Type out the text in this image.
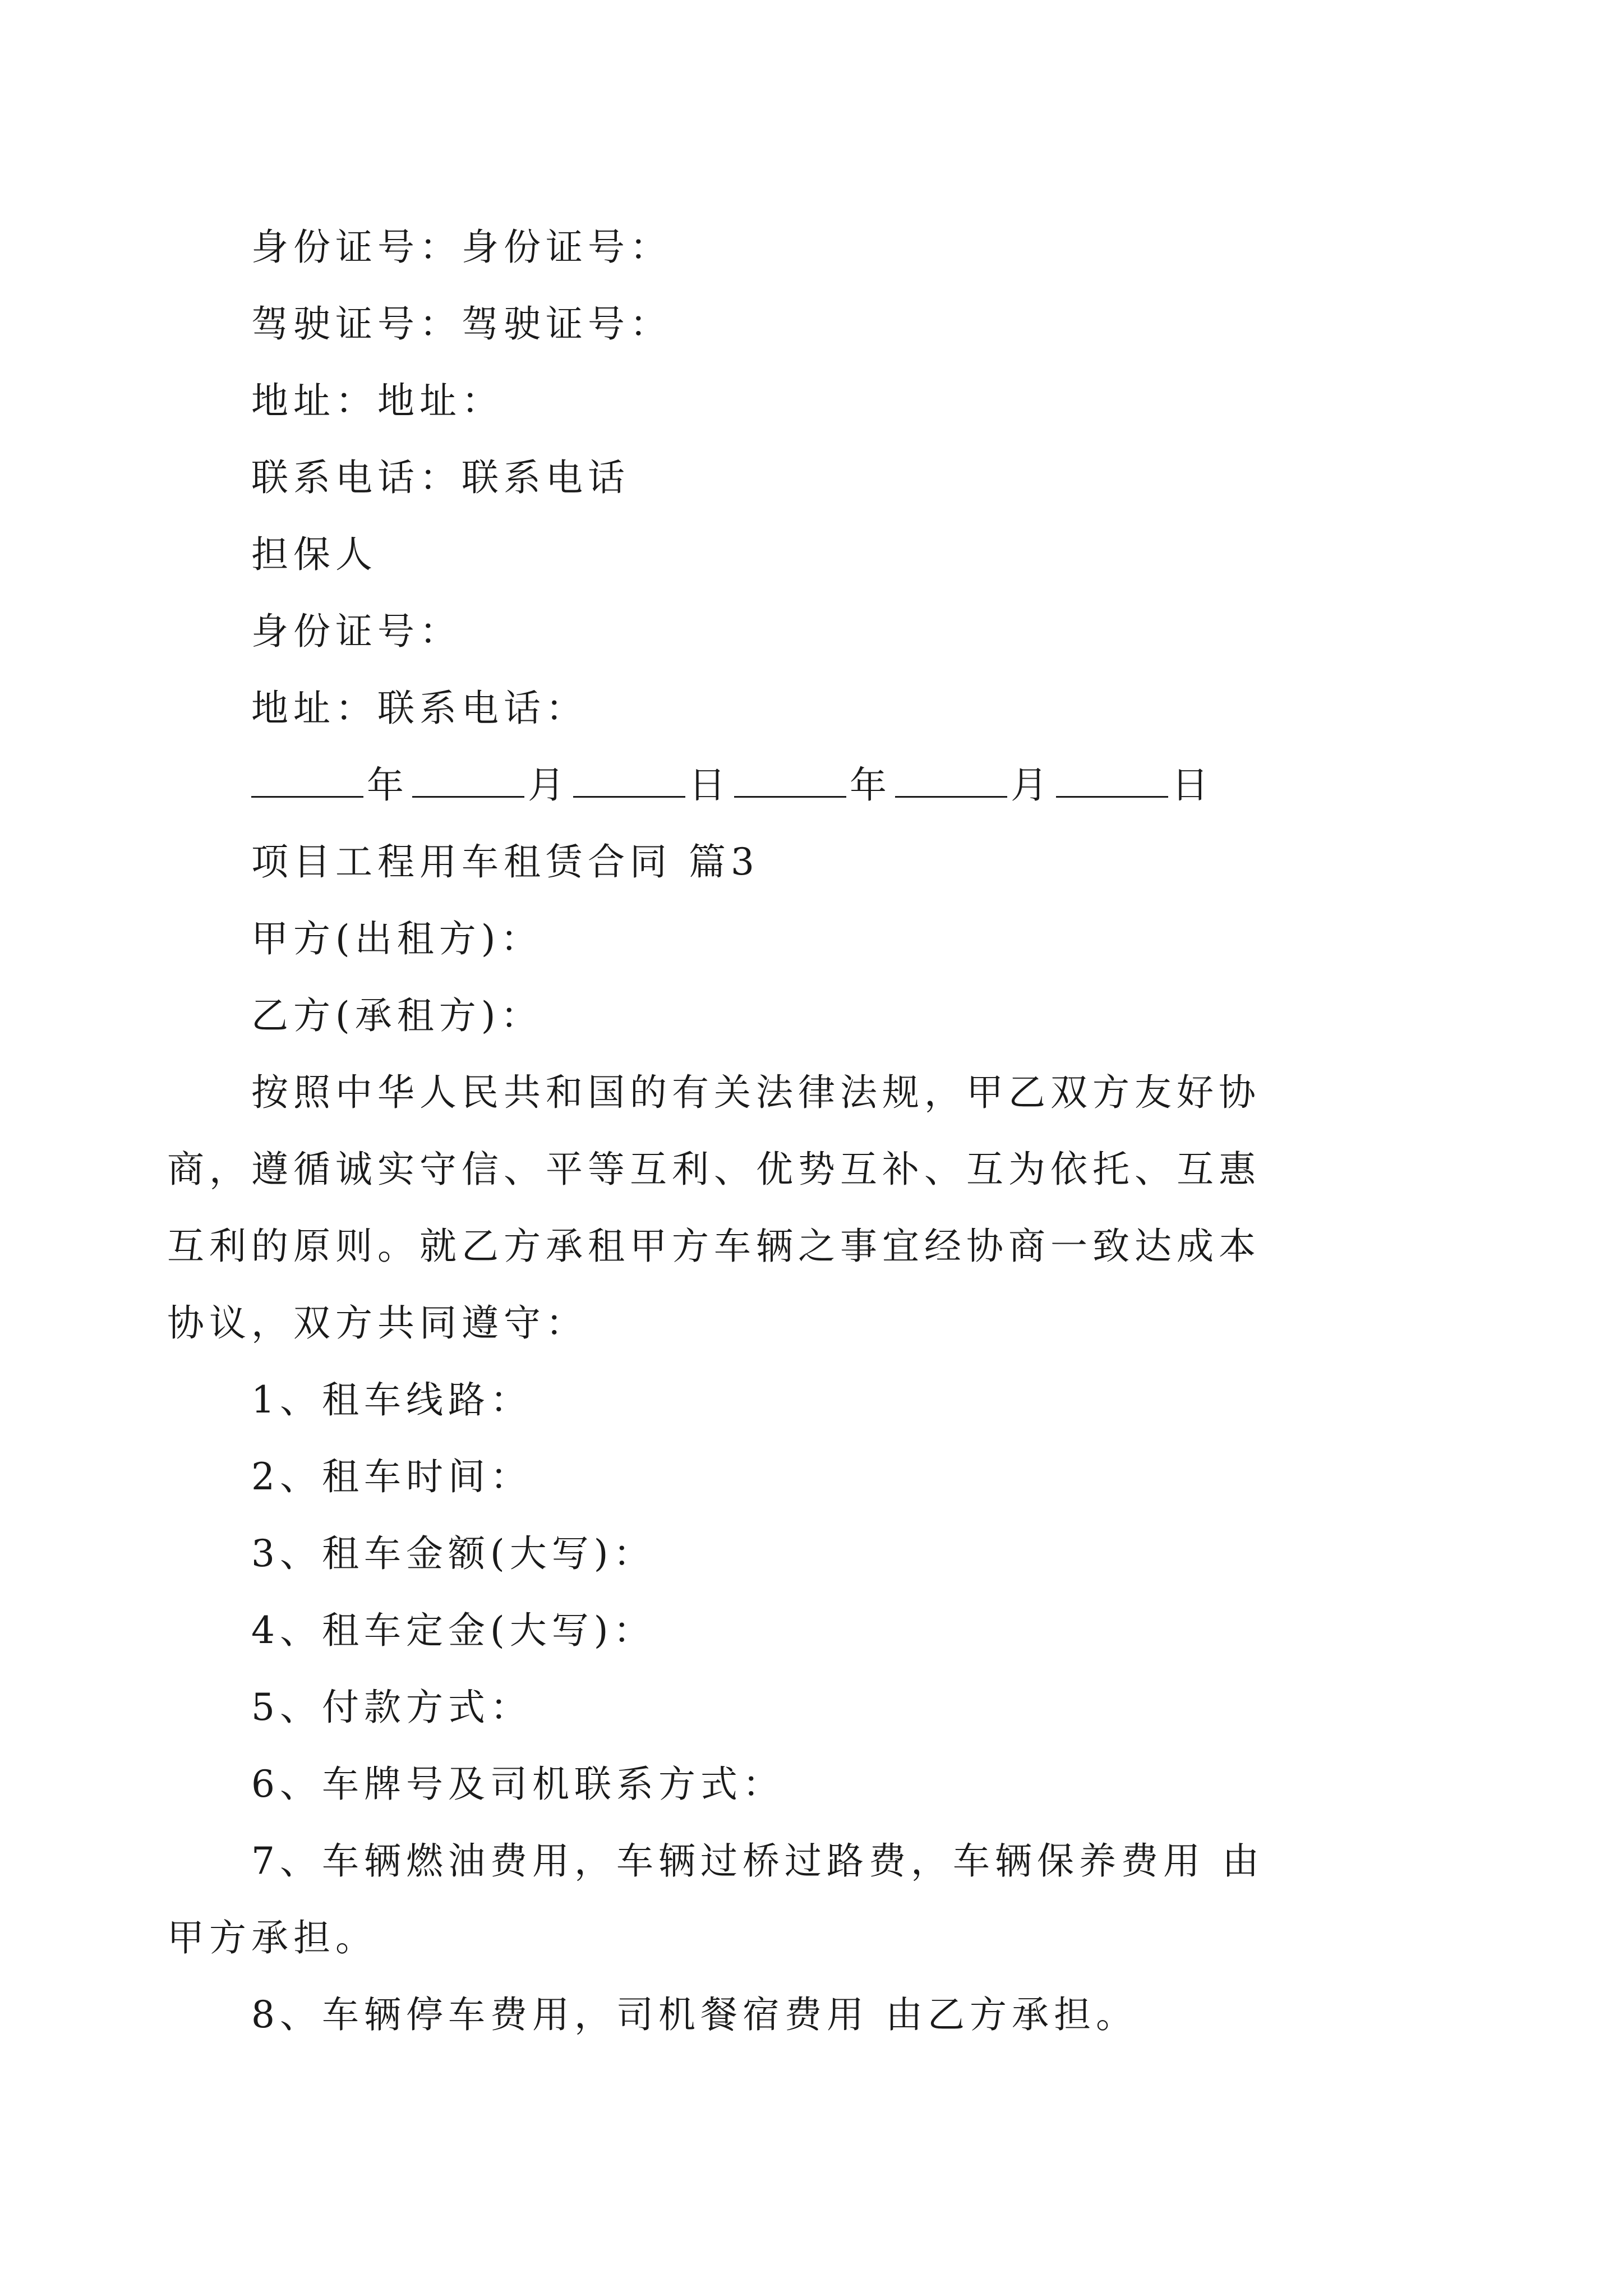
身份证号：身份证号：
驾驶证号：驾驶证号：
地址：地址：
联系电话：联系电话
担保人
身份证号：
地址：联系电话：
年	月	日	年	月	日
项目工程用车租赁合同 篇3
甲方(出租方)：
乙方(承租方)：
按照中华人民共和国的有关法律法规，甲乙双方友好协
商，遵循诚实守信、平等互利、优势互补、互为依托、互惠
互利的原则。就乙方承租甲方车辆之事宜经协商一致达成本
协议，双方共同遵守：
1、租车线路：
2、租车时间：
3、租车金额(大写)：
4、租车定金(大写)：
5、付款方式：
6、车牌号及司机联系方式：
7、车辆燃油费用，车辆过桥过路费，车辆保养费用 由
甲方承担。
8、车辆停车费用，司机餐宿费用 由乙方承担。
